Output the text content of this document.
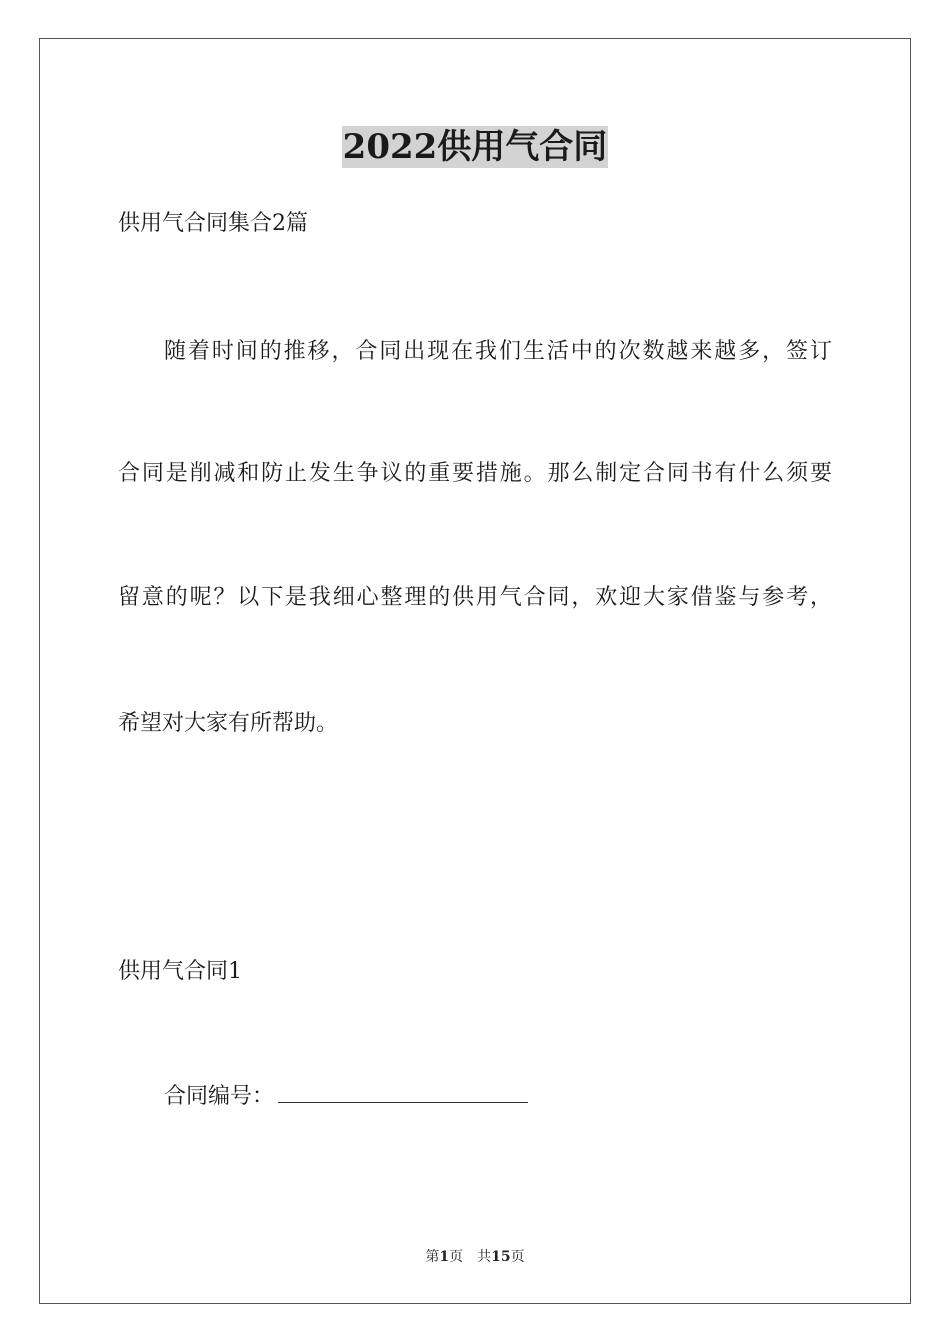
2022供用气合同
供用气合同集合2篇
随着时间的推移，合同出现在我们生活中的次数越来越多，签订
合同是削减和防止发生争议的重要措施。那么制定合同书有什么须要
留意的呢？以下是我细心整理的供用气合同，欢迎大家借鉴与参考，
希望对大家有所帮助。
供用气合同1
合同编号：
第1页 共15页
